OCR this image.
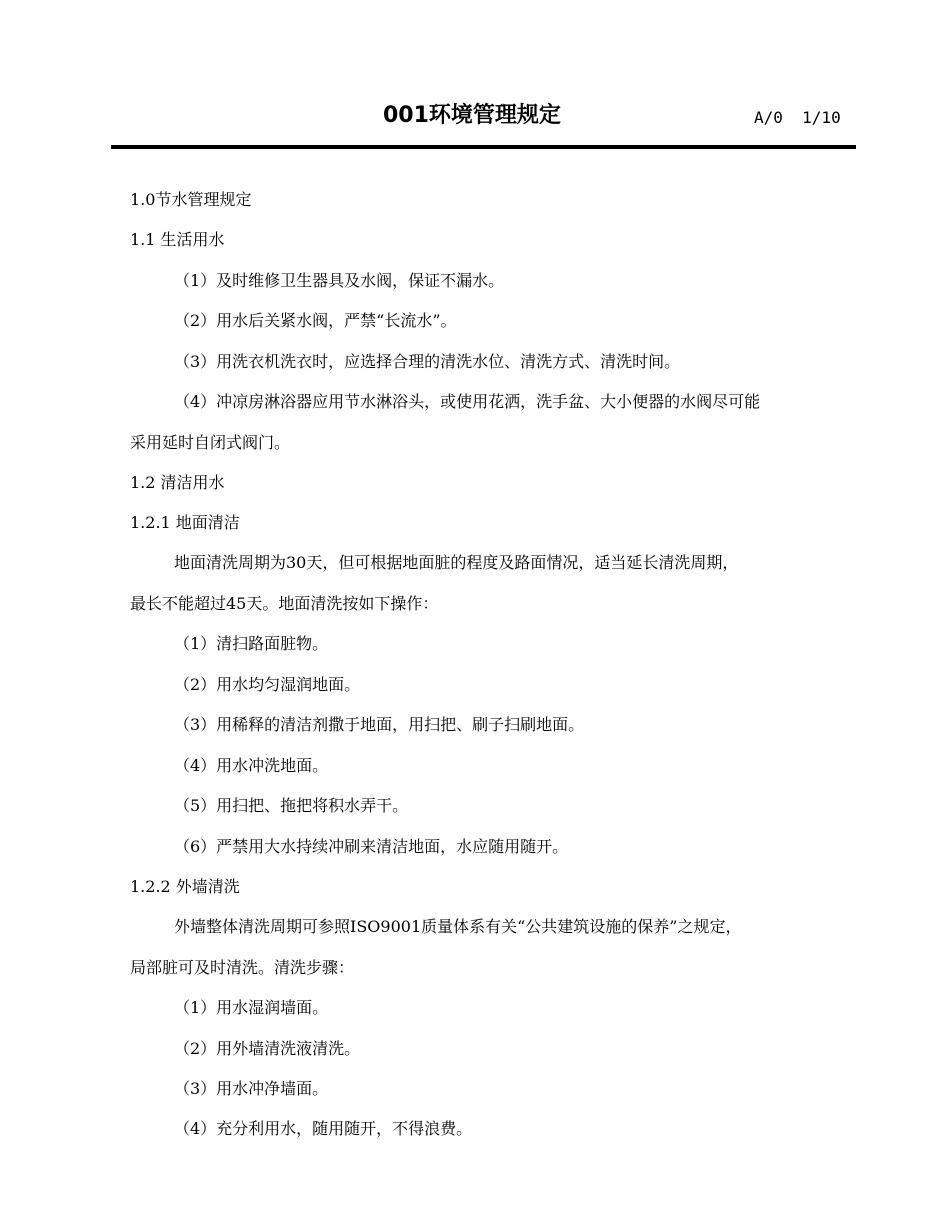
001环境管理规定	A/0  1/10
1.0节水管理规定
1.1 生活用水
（1）及时维修卫生器具及水阀，保证不漏水。
（2）用水后关紧水阀，严禁“长流水”。
（3）用洗衣机洗衣时，应选择合理的清洗水位、清洗方式、清洗时间。
（4）冲凉房淋浴器应用节水淋浴头，或使用花洒，洗手盆、大小便器的水阀尽可能
采用延时自闭式阀门。
1.2 清洁用水
1.2.1 地面清洁
地面清洗周期为30天，但可根据地面脏的程度及路面情况，适当延长清洗周期，
最长不能超过45天。地面清洗按如下操作：
（1）清扫路面脏物。
（2）用水均匀湿润地面。
（3）用稀释的清洁剂撒于地面，用扫把、刷子扫刷地面。
（4）用水冲洗地面。
（5）用扫把、拖把将积水弄干。
（6）严禁用大水持续冲刷来清洁地面，水应随用随开。
1.2.2 外墙清洗
外墙整体清洗周期可参照ISO9001质量体系有关“公共建筑设施的保养”之规定，
局部脏可及时清洗。清洗步骤：
（1）用水湿润墙面。
（2）用外墙清洗液清洗。
（3）用水冲净墙面。
（4）充分利用水，随用随开，不得浪费。
